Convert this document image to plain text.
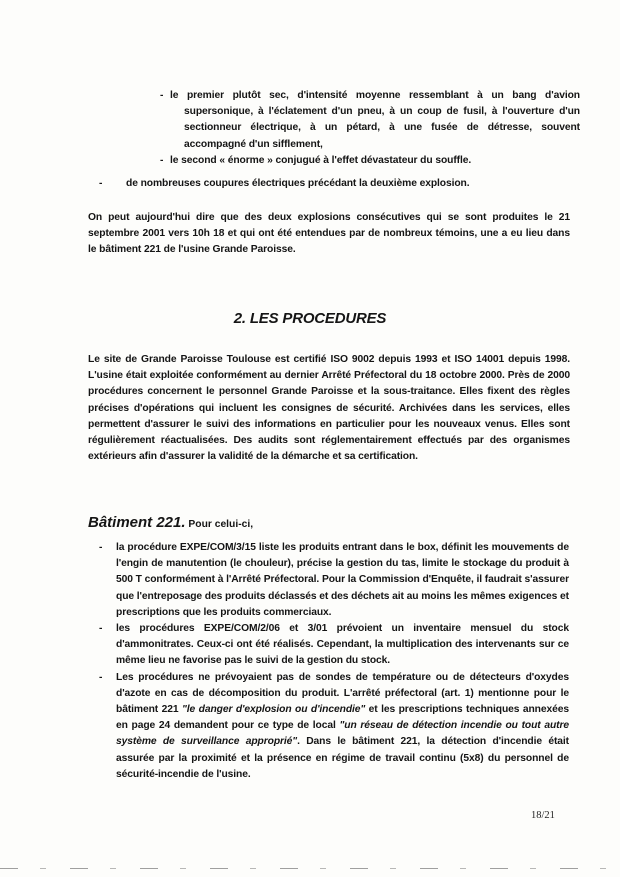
- le premier plutôt sec, d'intensité moyenne ressemblant à un bang d'avion
supersonique, à l'éclatement d'un pneu, à un coup de fusil, à l'ouverture d'un
sectionneur électrique, à un pétard, à une fusée de détresse, souvent
accompagné d'un sifflement,
- le second « énorme » conjugué à l'effet dévastateur du souffle.
- de nombreuses coupures électriques précédant la deuxième explosion.

On peut aujourd'hui dire que des deux explosions consécutives qui se sont produites le 21 septembre 2001 vers 10h 18 et qui ont été entendues par de nombreux témoins, une a eu lieu dans le bâtiment 221 de l'usine Grande Paroisse.

2. LES PROCEDURES

Le site de Grande Paroisse Toulouse est certifié ISO 9002 depuis 1993 et ISO 14001 depuis 1998. L'usine était exploitée conformément au dernier Arrêté Préfectoral du 18 octobre 2000. Près de 2000 procédures concernent le personnel Grande Paroisse et la sous-traitance. Elles fixent des règles précises d'opérations qui incluent les consignes de sécurité. Archivées dans les services, elles permettent d'assurer le suivi des informations en particulier pour les nouveaux venus. Elles sont régulièrement réactualisées. Des audits sont réglementairement effectués par des organismes extérieurs afin d'assurer la validité de la démarche et sa certification.

Bâtiment 221. Pour celui-ci,
- la procédure EXPE/COM/3/15 liste les produits entrant dans le box, définit les mouvements de l'engin de manutention (le chouleur), précise la gestion du tas, limite le stockage du produit à 500 T conformément à l'Arrêté Préfectoral. Pour la Commission d'Enquête, il faudrait s'assurer que l'entreposage des produits déclassés et des déchets ait au moins les mêmes exigences et prescriptions que les produits commerciaux.
- les procédures EXPE/COM/2/06 et 3/01 prévoient un inventaire mensuel du stock d'ammonitrates. Ceux-ci ont été réalisés. Cependant, la multiplication des intervenants sur ce même lieu ne favorise pas le suivi de la gestion du stock.
- Les procédures ne prévoyaient pas de sondes de température ou de détecteurs d'oxydes d'azote en cas de décomposition du produit. L'arrêté préfectoral (art. 1) mentionne pour le bâtiment 221 "le danger d'explosion ou d'incendie" et les prescriptions techniques annexées en page 24 demandent pour ce type de local "un réseau de détection incendie ou tout autre système de surveillance approprié". Dans le bâtiment 221, la détection d'incendie était assurée par la proximité et la présence en régime de travail continu (5x8) du personnel de sécurité-incendie de l'usine.
18/21
